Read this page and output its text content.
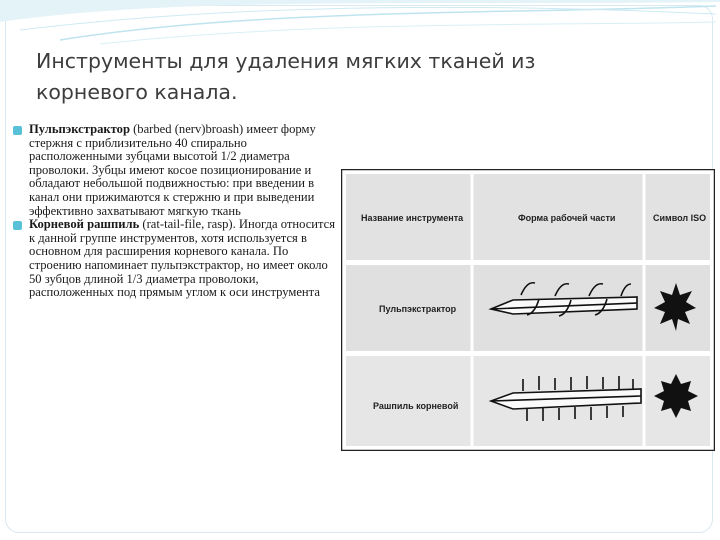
Инструменты для удаления мягких тканей из корневого канала.
Пульпэкстрактор (barbed (nerv)broash) имеет форму стержня с приблизительно 40 спирально расположенными зубцами высотой 1/2 диаметра проволоки. Зубцы имеют косое позиционирование и обладают небольшой подвижностью: при введении в канал они прижимаются к стержню и при выведении эффективно захватывают мягкую ткань
Корневой рашпиль (rat-tail-file, rasp). Иногда относится к данной группе инструментов, хотя используется в основном для расширения корневого канала. По строению напоминает пульпэкстрактор, но имеет около 50 зубцов длиной 1/3 диаметра проволоки, расположенных под прямым углом к оси инструмента
Название инструмента	Форма рабочей части	Символ ISO
Пульпэкстрактор
Рашпиль корневой
